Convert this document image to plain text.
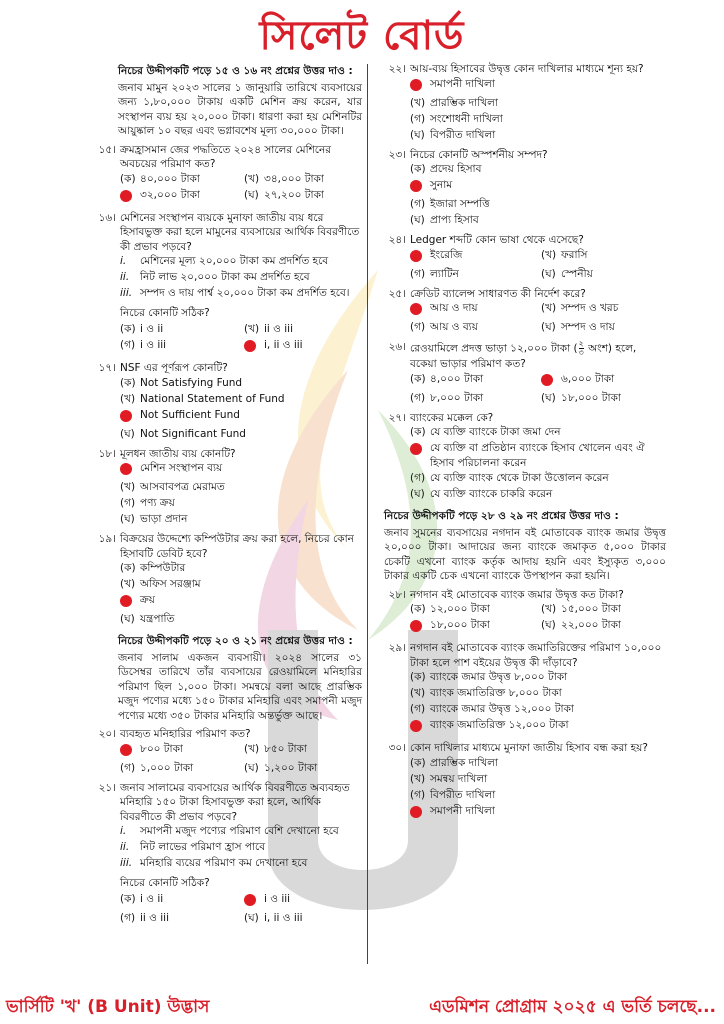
সিলেট বোর্ড
নিচের উদ্দীপকটি পড়ে ১৫ ও ১৬ নং প্রশ্নের উত্তর দাও :
জনাব মামুন ২০২৩ সালের ১ জানুয়ারি তারিখে ব্যবসায়ের জন্য ১,৮০,০০০ টাকায় একটি মেশিন ক্রয় করেন, যার সংস্থাপন ব্যয় হয় ২০,০০০ টাকা। ধারণা করা হয় মেশিনটির আয়ুষ্কাল ১০ বছর এবং ভগ্নাবশেষ মূল্য ৩০,০০০ টাকা।
১৫। ক্রমহ্রাসমান জের পদ্ধতিতে ২০২৪ সালের মেশিনের অবচয়ের পরিমাণ কত?
(ক) ৪০,০০০ টাকা	(খ) ৩৪,০০০ টাকা
৩২,০০০ টাকা	(ঘ) ২৭,২০০ টাকা
১৬। মেশিনের সংস্থাপন ব্যয়কে মুনাফা জাতীয় ব্যয় ধরে হিসাবভুক্ত করা হলে মামুনের ব্যবসায়ের আর্থিক বিবরণীতে কী প্রভাব পড়বে?
i.	মেশিনের মূল্য ২০,০০০ টাকা কম প্রদর্শিত হবে
ii.	নিট লাভ ২০,০০০ টাকা কম প্রদর্শিত হবে
iii. সম্পদ ও দায় পার্শ্ব ২০,০০০ টাকা কম প্রদর্শিত হবে।
নিচের কোনটি সঠিক?
(ক) i ও ii	(খ) ii ও iii
(গ) i ও iii	i, ii ও iii
১৭। NSF এর পূর্ণরূপ কোনটি?
(ক) Not Satisfying Fund
(খ) National Statement of Fund
Not Sufficient Fund
(ঘ) Not Significant Fund
১৮। মূলধন জাতীয় ব্যয় কোনটি?
মেশিন সংস্থাপন ব্যয়
(খ) আসবাবপত্র মেরামত
(গ) পণ্য ক্রয়
(ঘ) ভাড়া প্রদান
১৯। বিক্রয়ের উদ্দেশ্যে কম্পিউটার ক্রয় করা হলে, নিচের কোন হিসাবটি ডেবিট হবে?
(ক) কম্পিউটার
(খ) অফিস সরঞ্জাম
ক্রয়
(ঘ) যন্ত্রপাতি
নিচের উদ্দীপকটি পড়ে ২০ ও ২১ নং প্রশ্নের উত্তর দাও :
জনাব সালাম একজন ব্যবসায়ী। ২০২৪ সালের ৩১ ডিসেম্বর তারিখে তাঁর ব্যবসায়ের রেওয়ামিলে মনিহারির পরিমাণ ছিল ১,০০০ টাকা। সমন্বয়ে বলা আছে প্রারম্ভিক মজুদ পণ্যের মধ্যে ১৫০ টাকার মনিহারি এবং সমাপনী মজুদ পণ্যের মধ্যে ৩৫০ টাকার মনিহারি অন্তর্ভুক্ত আছে।
২০। ব্যবহৃত মনিহারির পরিমাণ কত?
৮০০ টাকা	(খ) ৮৫০ টাকা
(গ) ১,০০০ টাকা	(ঘ) ১,২০০ টাকা
২১। জনাব সালামের ব্যবসায়ের আর্থিক বিবরণীতে অব্যবহৃত মনিহারি ১৫০ টাকা হিসাবভুক্ত করা হলে, আর্থিক বিবরণীতে কী প্রভাব পড়বে?
i.	সমাপনী মজুদ পণ্যের পরিমাণ বেশি দেখানো হবে
ii.	নিট লাভের পরিমাণ হ্রাস পাবে
iii. মনিহারি ব্যয়ের পরিমাণ কম দেখানো হবে
নিচের কোনটি সঠিক?
(ক) i ও ii	i ও iii
(গ) ii ও iii	(ঘ) i, ii ও iii
২২। আয়-ব্যয় হিসাবের উদ্বৃত্ত কোন দাখিলার মাধ্যমে শূন্য হয়?
সমাপনী দাখিলা
(খ) প্রারম্ভিক দাখিলা
(গ) সংশোধনী দাখিলা
(ঘ) বিপরীত দাখিলা
২৩। নিচের কোনটি অস্পর্শনীয় সম্পদ?
(ক) প্রদেয় হিসাব
সুনাম
(গ) ইজারা সম্পত্তি
(ঘ) প্রাপ্য হিসাব
২৪। Ledger শব্দটি কোন ভাষা থেকে এসেছে?
ইংরেজি	(খ) ফরাসি
(গ) ল্যাটিন	(ঘ) স্পেনীয়
২৫। ক্রেডিট ব্যালেন্স সাধারণত কী নির্দেশ করে?
আয় ও দায়	(খ) সম্পদ ও খরচ
(গ) আয় ও ব্যয়	(ঘ) সম্পদ ও দায়
২৬। রেওয়ামিলে প্রদত্ত ভাড়া ১২,০০০ টাকা ( $\frac{২}{৩}$ অংশ) হলে, বকেয়া ভাড়ার পরিমাণ কত?
(ক) ৪,০০০ টাকা	৬,০০০ টাকা
(গ) ৮,০০০ টাকা	(ঘ) ১৮,০০০ টাকা
২৭। ব্যাংকের মক্কেল কে?
(ক) যে ব্যক্তি ব্যাংকে টাকা জমা দেন
যে ব্যক্তি বা প্রতিষ্ঠান ব্যাংকে হিসাব খোলেন এবং ঐ হিসাব পরিচালনা করেন
(গ) যে ব্যক্তি ব্যাংক থেকে টাকা উত্তোলন করেন
(ঘ) যে ব্যক্তি ব্যাংকে চাকরি করেন
নিচের উদ্দীপকটি পড়ে ২৮ ও ২৯ নং প্রশ্নের উত্তর দাও :
জনাব সুমনের ব্যবসায়ের নগদান বই মোতাবেক ব্যাংক জমার উদ্বৃত্ত ২০,০০০ টাকা। আদায়ের জন্য ব্যাংকে জমাকৃত ৫,০০০ টাকার চেকটি এখনো ব্যাংক কর্তৃক আদায় হয়নি এবং ইস্যুকৃত ৩,০০০ টাকার একটি চেক এখনো ব্যাংকে উপস্থাপন করা হয়নি।
২৮। নগদান বই মোতাবেক ব্যাংক জমার উদ্বৃত্ত কত টাকা?
(ক) ১২,০০০ টাকা	(খ) ১৫,০০০ টাকা
১৮,০০০ টাকা	(ঘ) ২২,০০০ টাকা
২৯। নগদান বই মোতাবেক ব্যাংক জমাতিরিক্তের পরিমাণ ১০,০০০ টাকা হলে পাশ বইয়ের উদ্বৃত্ত কী দাঁড়াবে?
(ক) ব্যাংকে জমার উদ্বৃত্ত ৮,০০০ টাকা
(খ) ব্যাংক জমাতিরিক্ত ৮,০০০ টাকা
(গ) ব্যাংকে জমার উদ্বৃত্ত ১২,০০০ টাকা
ব্যাংক জমাতিরিক্ত ১২,০০০ টাকা
৩০। কোন দাখিলার মাধ্যমে মুনাফা জাতীয় হিসাব বন্ধ করা হয়?
(ক) প্রারম্ভিক দাখিলা
(খ) সমন্বয় দাখিলা
(গ) বিপরীত দাখিলা
সমাপনী দাখিলা
ভার্সিটি 'খ' (B Unit) উদ্ভাস	এডমিশন প্রোগ্রাম ২০২৫ এ ভর্তি চলছে...
